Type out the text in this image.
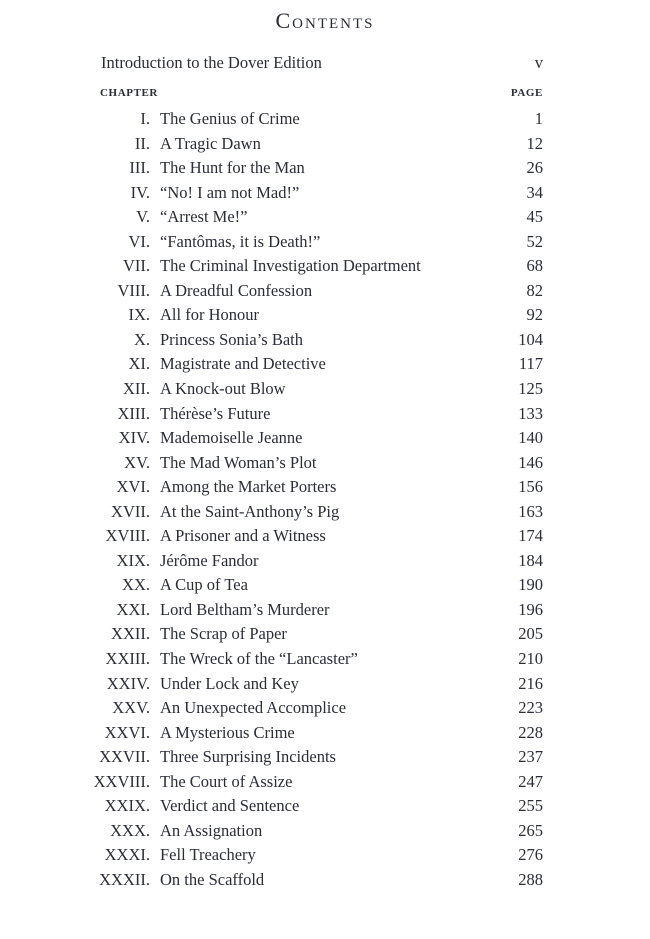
Contents
Introduction to the Dover Edition	v
CHAPTER	PAGE
I. The Genius of Crime	1
II. A Tragic Dawn	12
III. The Hunt for the Man	26
IV. “No! I am not Mad!”	34
V. “Arrest Me!”	45
VI. “Fantômas, it is Death!”	52
VII. The Criminal Investigation Department	68
VIII. A Dreadful Confession	82
IX. All for Honour	92
X. Princess Sonia’s Bath	104
XI. Magistrate and Detective	117
XII. A Knock-out Blow	125
XIII. Thérèse’s Future	133
XIV. Mademoiselle Jeanne	140
XV. The Mad Woman’s Plot	146
XVI. Among the Market Porters	156
XVII. At the Saint-Anthony’s Pig	163
XVIII. A Prisoner and a Witness	174
XIX. Jérôme Fandor	184
XX. A Cup of Tea	190
XXI. Lord Beltham’s Murderer	196
XXII. The Scrap of Paper	205
XXIII. The Wreck of the “Lancaster”	210
XXIV. Under Lock and Key	216
XXV. An Unexpected Accomplice	223
XXVI. A Mysterious Crime	228
XXVII. Three Surprising Incidents	237
XXVIII. The Court of Assize	247
XXIX. Verdict and Sentence	255
XXX. An Assignation	265
XXXI. Fell Treachery	276
XXXII. On the Scaffold	288
